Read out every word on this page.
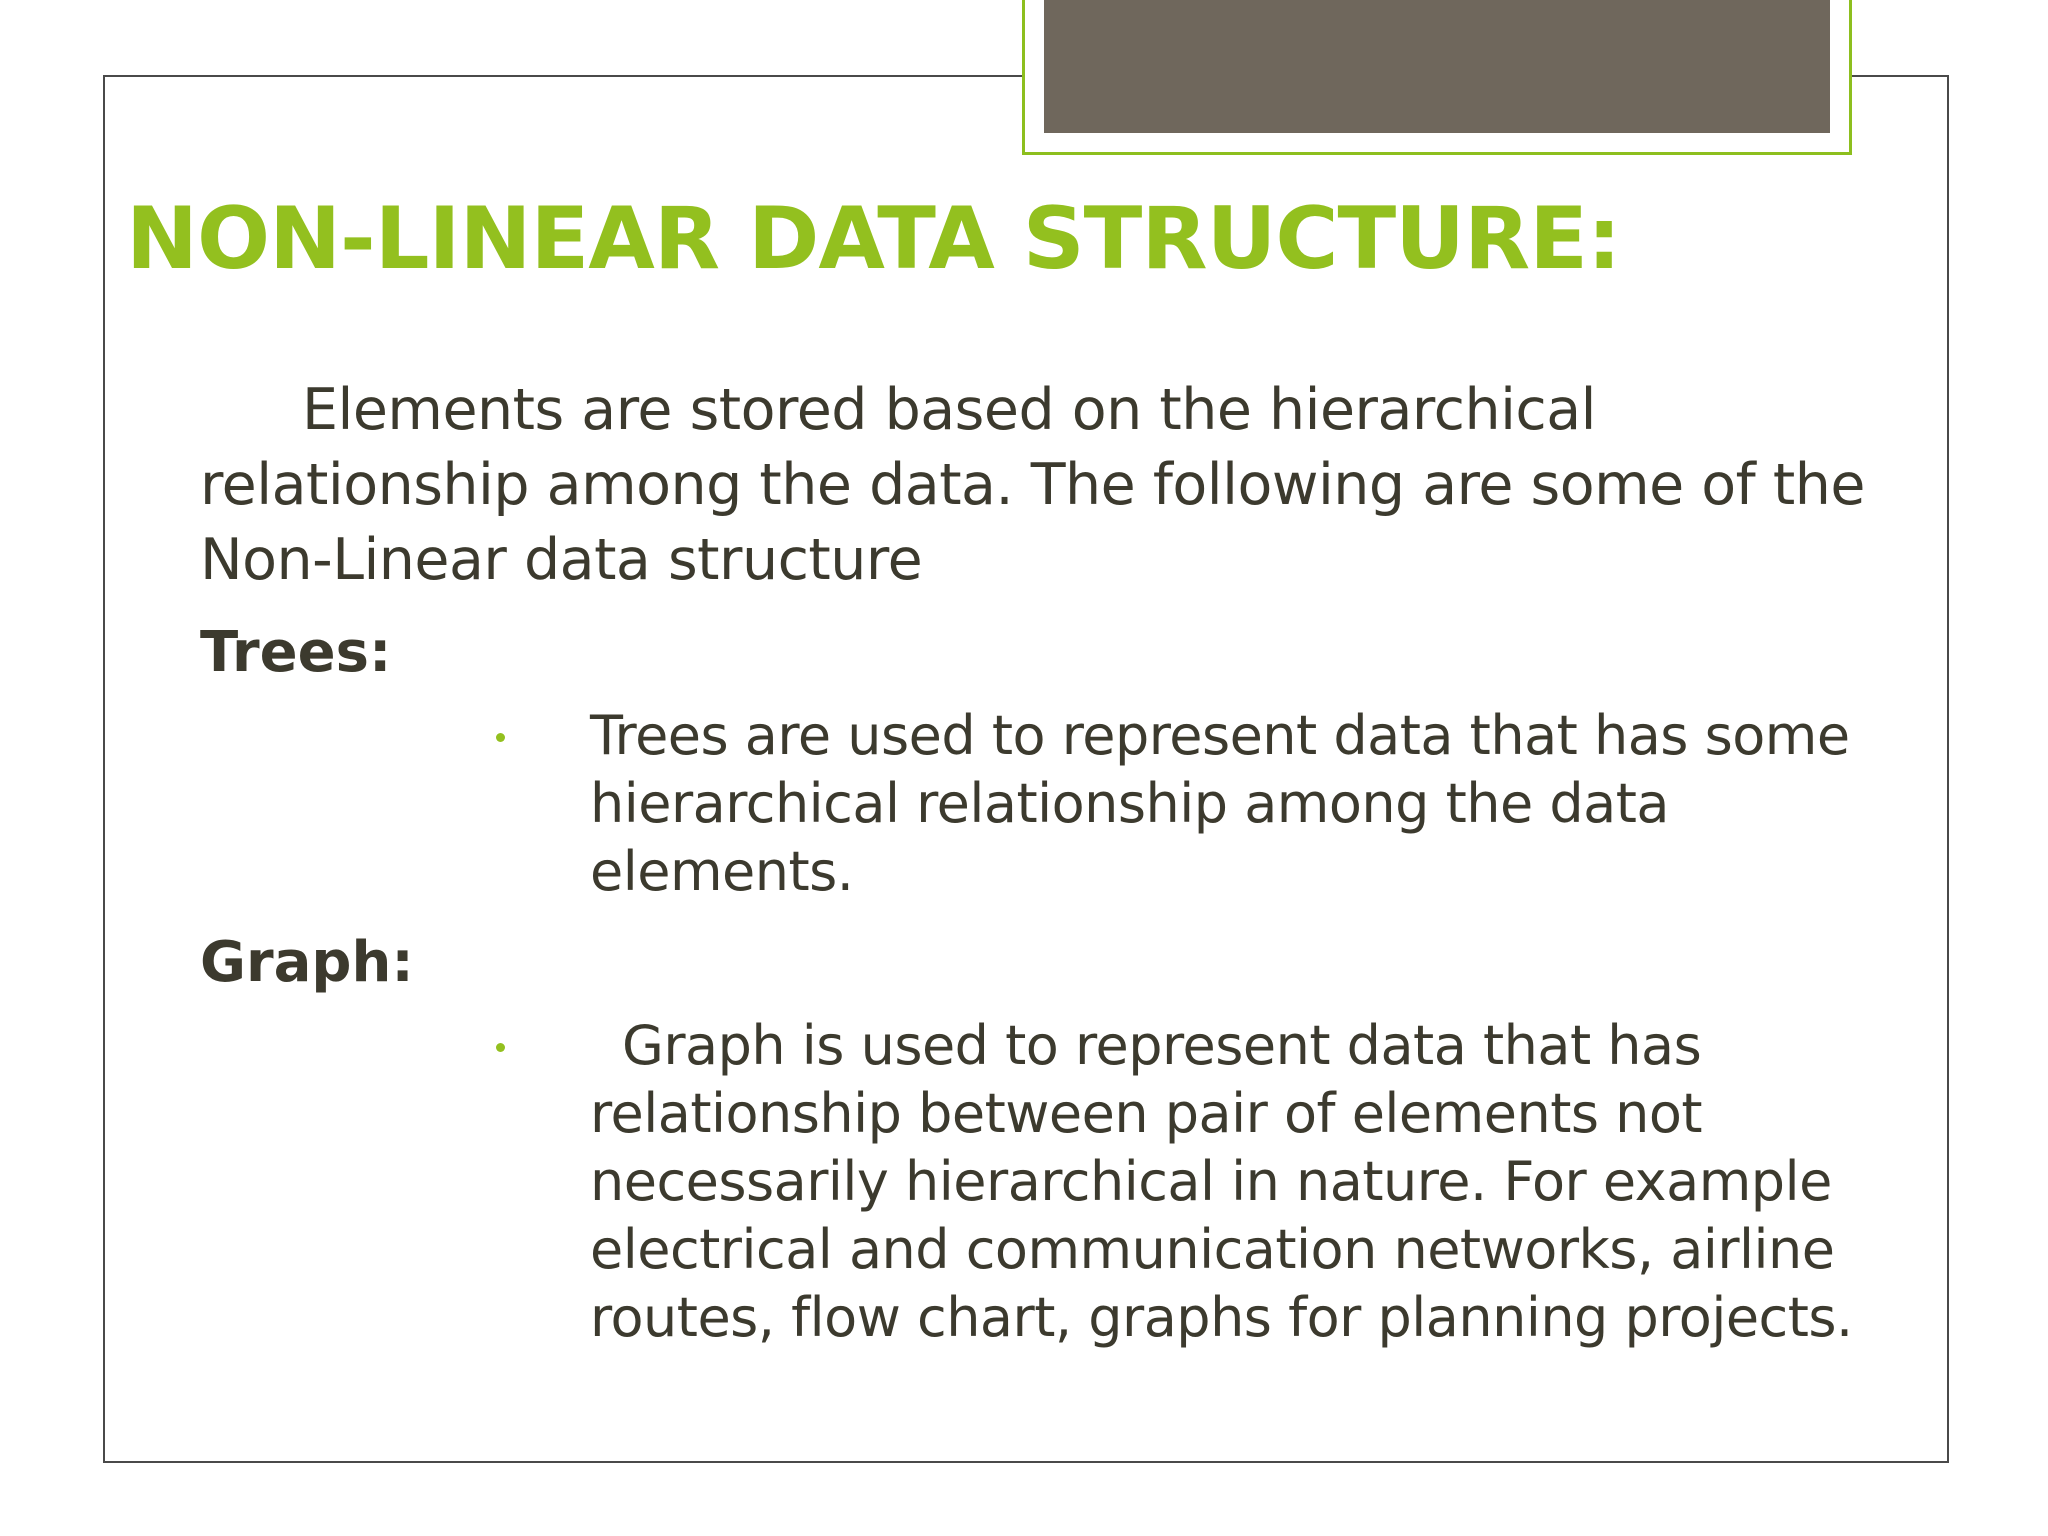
NON-LINEAR DATA STRUCTURE:
Elements are stored based on the hierarchical relationship among the data. The following are some of the Non-Linear data structure
Trees:
Trees are used to represent data that has some hierarchical relationship among the data elements.
Graph:
Graph is used to represent data that has relationship between pair of elements not necessarily hierarchical in nature. For example electrical and communication networks, airline routes, flow chart, graphs for planning projects.
